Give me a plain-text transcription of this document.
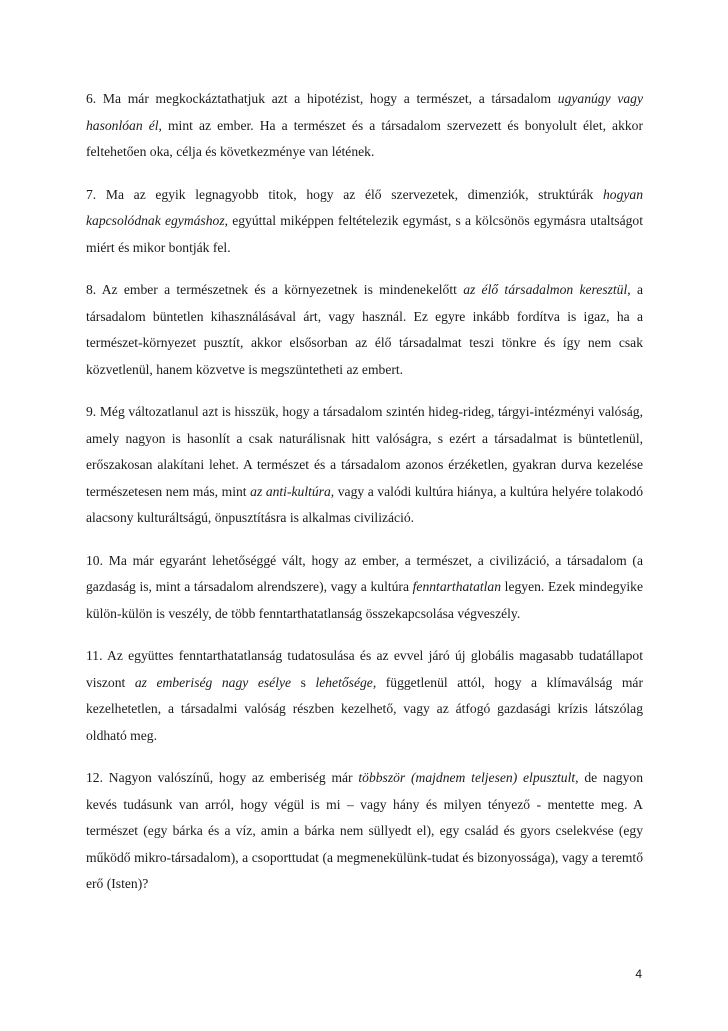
6. Ma már megkockáztathatjuk azt a hipotézist, hogy a természet, a társadalom ugyanúgy vagy hasonlóan él, mint az ember. Ha a természet és a társadalom szervezett és bonyolult élet, akkor feltehetően oka, célja és következménye van létének.

7. Ma az egyik legnagyobb titok, hogy az élő szervezetek, dimenziók, struktúrák hogyan kapcsolódnak egymáshoz, egyúttal miképpen feltételezik egymást, s a kölcsönös egymásra utaltságot miért és mikor bontják fel.

8. Az ember a természetnek és a környezetnek is mindenekelőtt az élő társadalmon keresztül, a társadalom büntetlen kihasználásával árt, vagy használ. Ez egyre inkább fordítva is igaz, ha a természet-környezet pusztít, akkor elsősorban az élő társadalmat teszi tönkre és így nem csak közvetlenül, hanem közvetve is megszüntetheti az embert.

9. Még változatlanul azt is hisszük, hogy a társadalom szintén hideg-rideg, tárgyi-intézményi valóság, amely nagyon is hasonlít a csak naturálisnak hitt valóságra, s ezért a társadalmat is büntetlenül, erőszakosan alakítani lehet. A természet és a társadalom azonos érzéketlen, gyakran durva kezelése természetesen nem más, mint az anti-kultúra, vagy a valódi kultúra hiánya, a kultúra helyére tolakodó alacsony kulturáltságú, önpusztításra is alkalmas civilizáció.

10. Ma már egyaránt lehetőséggé vált, hogy az ember, a természet, a civilizáció, a társadalom (a gazdaság is, mint a társadalom alrendszere), vagy a kultúra fenntarthatatlan legyen. Ezek mindegyike külön-külön is veszély, de több fenntarthatatlanság összekapcsolása végveszély.

11. Az együttes fenntarthatatlanság tudatosulása és az evvel járó új globális magasabb tudatállapot viszont az emberiség nagy esélye s lehetősége, függetlenül attól, hogy a klímaválság már kezelhetetlen, a társadalmi valóság részben kezelhető, vagy az átfogó gazdasági krízis látszólag oldható meg.

12. Nagyon valószínű, hogy az emberiség már többször (majdnem teljesen) elpusztult, de nagyon kevés tudásunk van arról, hogy végül is mi – vagy hány és milyen tényező - mentette meg. A természet (egy bárka és a víz, amin a bárka nem süllyedt el), egy család és gyors cselekvése (egy működő mikro-társadalom), a csoporttudat (a megmenekülünk-tudat és bizonyossága), vagy a teremtő erő (Isten)?

4
